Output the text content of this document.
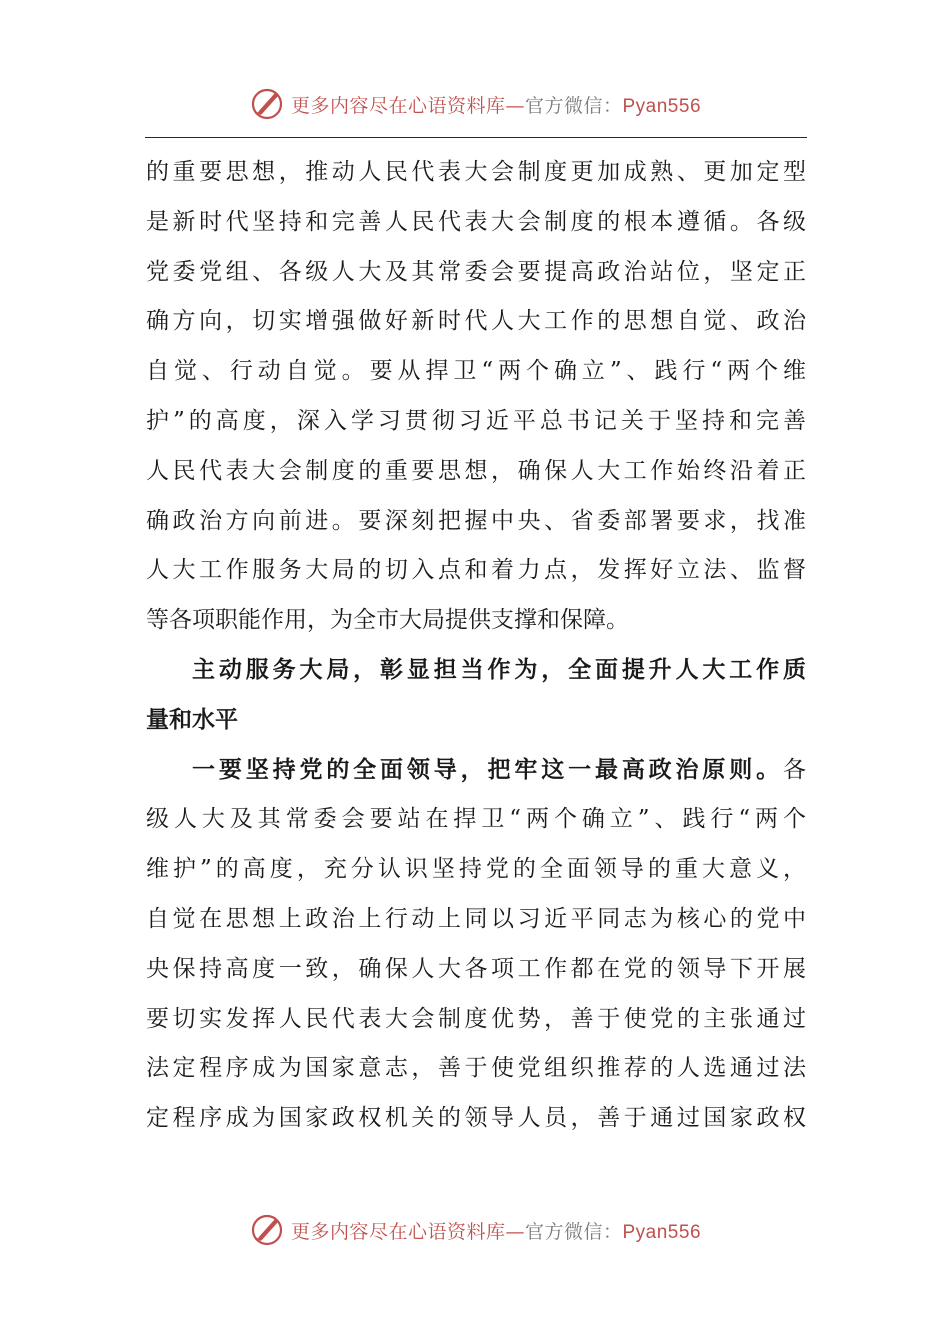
更多内容尽在心语资料库—官方微信：Pyan556
的重要思想，推动人民代表大会制度更加成熟、更加定型
是新时代坚持和完善人民代表大会制度的根本遵循。各级
党委党组、各级人大及其常委会要提高政治站位，坚定正
确方向，切实增强做好新时代人大工作的思想自觉、政治
自觉、行动自觉。要从捍卫“两个确立”、践行“两个维
护”的高度，深入学习贯彻习近平总书记关于坚持和完善
人民代表大会制度的重要思想，确保人大工作始终沿着正
确政治方向前进。要深刻把握中央、省委部署要求，找准
人大工作服务大局的切入点和着力点，发挥好立法、监督
等各项职能作用，为全市大局提供支撑和保障。
主动服务大局，彰显担当作为，全面提升人大工作质
量和水平
一要坚持党的全面领导，把牢这一最高政治原则。各
级人大及其常委会要站在捍卫“两个确立”、践行“两个
维护”的高度，充分认识坚持党的全面领导的重大意义，
自觉在思想上政治上行动上同以习近平同志为核心的党中
央保持高度一致，确保人大各项工作都在党的领导下开展
要切实发挥人民代表大会制度优势，善于使党的主张通过
法定程序成为国家意志，善于使党组织推荐的人选通过法
定程序成为国家政权机关的领导人员，善于通过国家政权
更多内容尽在心语资料库—官方微信：Pyan556
